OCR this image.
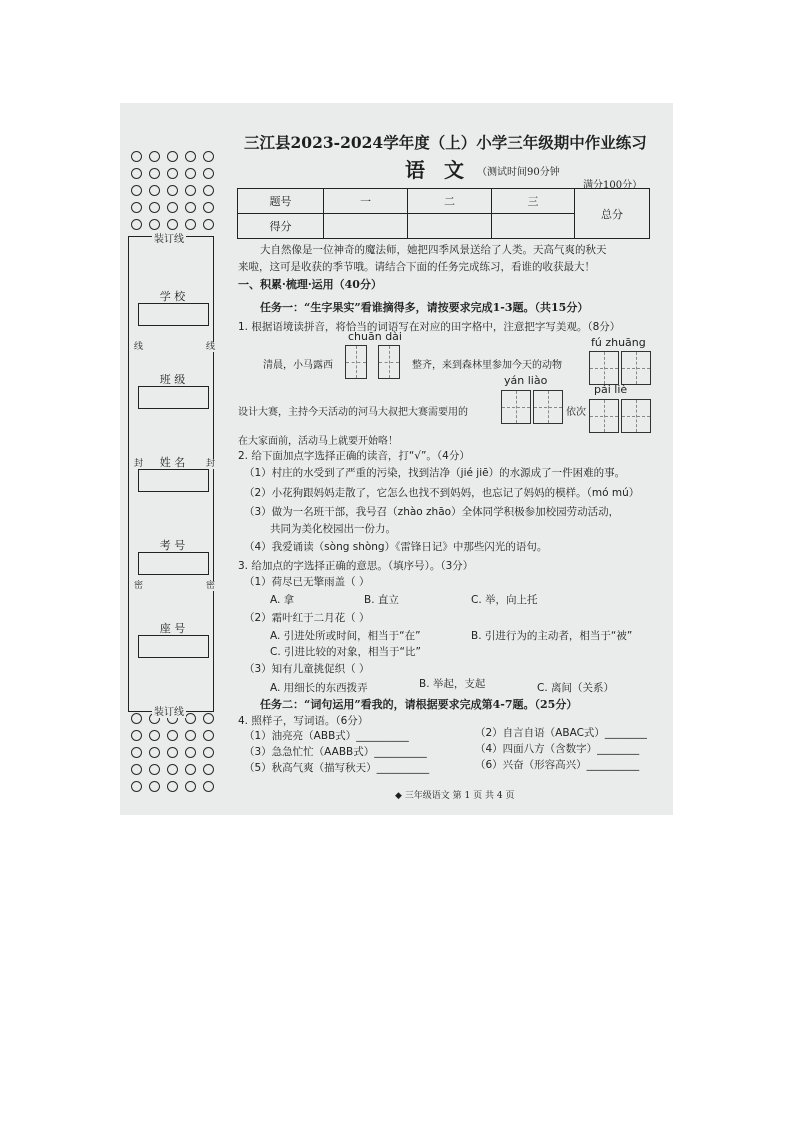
装订线
装订线
线	线
封	封
密	密
学 校
班 级
姓 名
考 号
座 号
三江县2023-2024学年度（上）小学三年级期中作业练习
语 文 （测试时间90分钟
满分100分）
题号	一	二	三	总分
得分				
大自然像是一位神奇的魔法师，她把四季风景送给了人类。天高气爽的秋天
来啦，这可是收获的季节哦。请结合下面的任务完成练习，看谁的收获最大！
一、积累·梳理·运用（40分）
任务一：“生字果实”看谁摘得多，请按要求完成1-3题。（共15分）
1. 根据语境读拼音，将恰当的词语写在对应的田字格中，注意把字写美观。（8分）
chuān dài
清晨，小马露西	整齐，来到森林里参加今天的动物
fú zhuāng
yán liào
设计大赛，主持今天活动的河马大叔把大赛需要用的	依次
pái liè
在大家面前，活动马上就要开始咯！
2. 给下面加点字选择正确的读音，打“√”。（4分）
（1）村庄的水受到了严重的污染，找到洁净（jié jiē）的水源成了一件困难的事。
（2）小花狗跟妈妈走散了，它怎么也找不到妈妈，也忘记了妈妈的模样。（mó mú）
（3）做为一名班干部，我号召（zhào zhāo）全体同学积极参加校园劳动活动，
共同为美化校园出一份力。
（4）我爱诵读（sòng shòng）《雷锋日记》中那些闪光的语句。
3. 给加点的字选择正确的意思。（填序号）。（3分）
（1）荷尽已无擎雨盖（ ）
A. 拿	B. 直立	C. 举，向上托
（2）霜叶红于二月花（ ）
A. 引进处所或时间，相当于“在”	B. 引进行为的主动者，相当于“被”
C. 引进比较的对象，相当于“比”
（3）知有儿童挑促织（ ）
A. 用细长的东西拨弄	B. 举起，支起	C. 离间（关系）
任务二：“词句运用”看我的，请根据要求完成第4-7题。（25分）
4. 照样子，写词语。（6分）
（1）油亮亮（ABB式）__________
（3）急急忙忙（AABB式）__________
（5）秋高气爽（描写秋天）__________
（2）自言自语（ABAC式）________
（4）四面八方（含数字）________
（6）兴奋（形容高兴）__________
◆ 三年级语文 第 1 页 共 4 页
